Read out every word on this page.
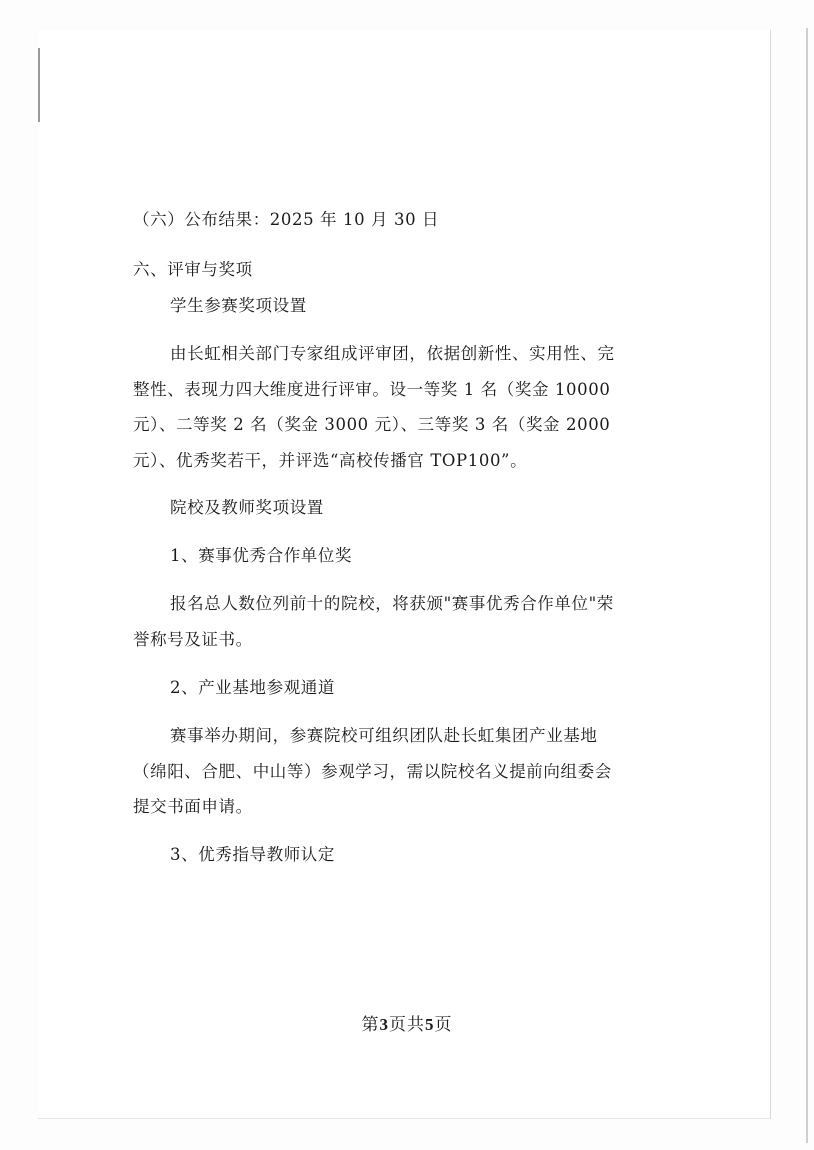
（六）公布结果：2025 年 10 月 30 日
六、评审与奖项
学生参赛奖项设置
由长虹相关部门专家组成评审团，依据创新性、实用性、完
整性、表现力四大维度进行评审。设一等奖 1 名（奖金 10000
元）、二等奖 2 名（奖金 3000 元）、三等奖 3 名（奖金 2000
元）、优秀奖若干，并评选“高校传播官 TOP100”。
院校及教师奖项设置
1、赛事优秀合作单位奖
报名总人数位列前十的院校，将获颁"赛事优秀合作单位"荣
誉称号及证书。
2、产业基地参观通道
赛事举办期间，参赛院校可组织团队赴长虹集团产业基地
（绵阳、合肥、中山等）参观学习，需以院校名义提前向组委会
提交书面申请。
3、优秀指导教师认定
第3页共5页
